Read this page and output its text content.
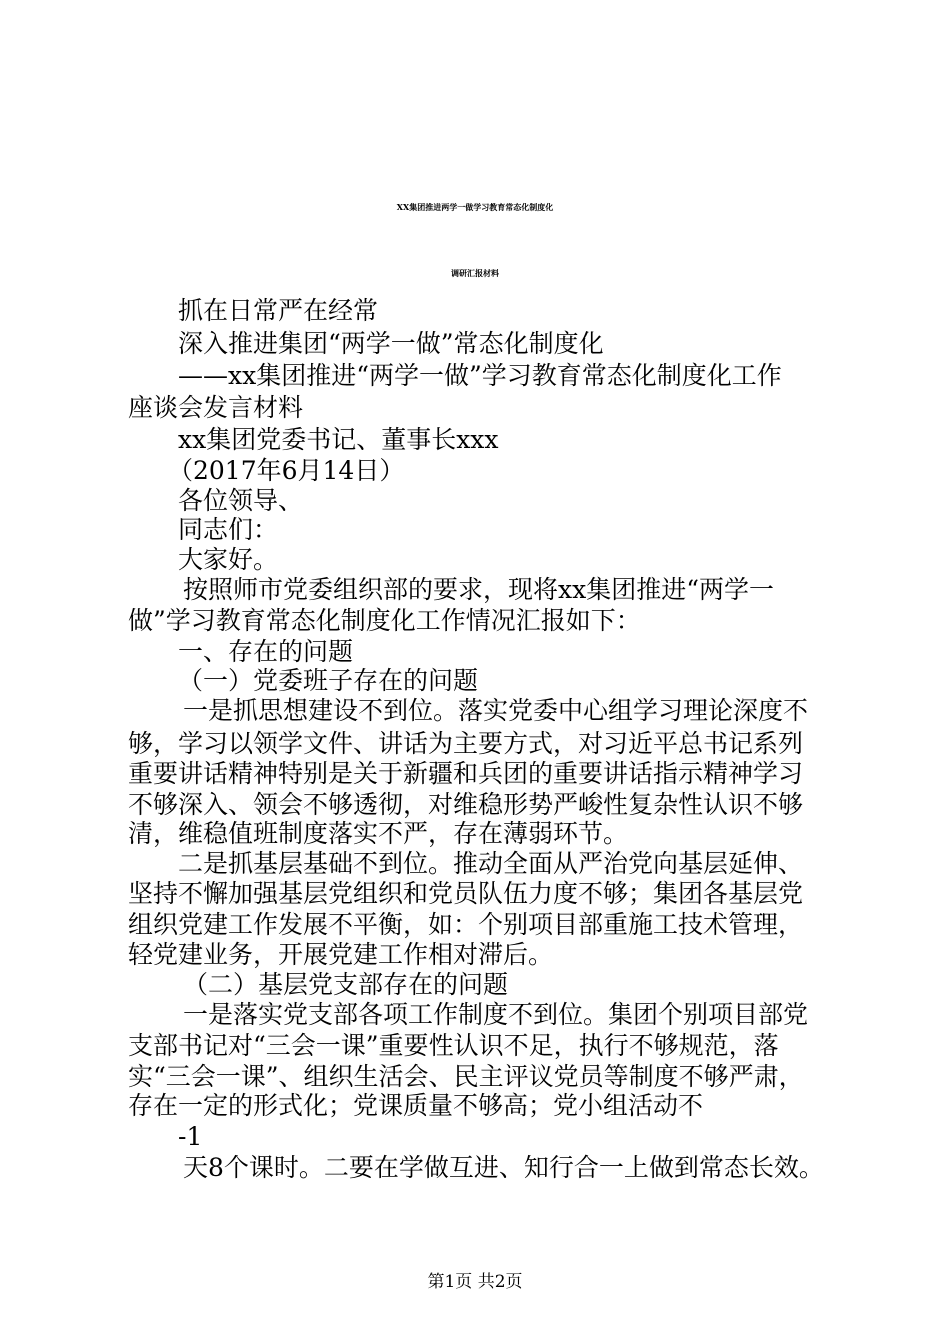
XX集团推进两学一做学习教育常态化制度化
调研汇报材料
抓在日常严在经常
深入推进集团“两学一做”常态化制度化
——xx集团推进“两学一做”学习教育常态化制度化工作
座谈会发言材料
xx集团党委书记、董事长xxx
（2017年6月14日）
各位领导、
同志们：
大家好。
按照师市党委组织部的要求，现将xx集团推进“两学一
做”学习教育常态化制度化工作情况汇报如下：
一、存在的问题
（一）党委班子存在的问题
一是抓思想建设不到位。落实党委中心组学习理论深度不
够，学习以领学文件、讲话为主要方式，对习近平总书记系列
重要讲话精神特别是关于新疆和兵团的重要讲话指示精神学习
不够深入、领会不够透彻，对维稳形势严峻性复杂性认识不够
清，维稳值班制度落实不严，存在薄弱环节。
二是抓基层基础不到位。推动全面从严治党向基层延伸、
坚持不懈加强基层党组织和党员队伍力度不够；集团各基层党
组织党建工作发展不平衡，如：个别项目部重施工技术管理，
轻党建业务，开展党建工作相对滞后。
（二）基层党支部存在的问题
一是落实党支部各项工作制度不到位。集团个别项目部党
支部书记对“三会一课”重要性认识不足，执行不够规范，落
实“三会一课”、组织生活会、民主评议党员等制度不够严肃，
存在一定的形式化；党课质量不够高；党小组活动不
-1
天8个课时。二要在学做互进、知行合一上做到常态长效。
第1页 共2页
